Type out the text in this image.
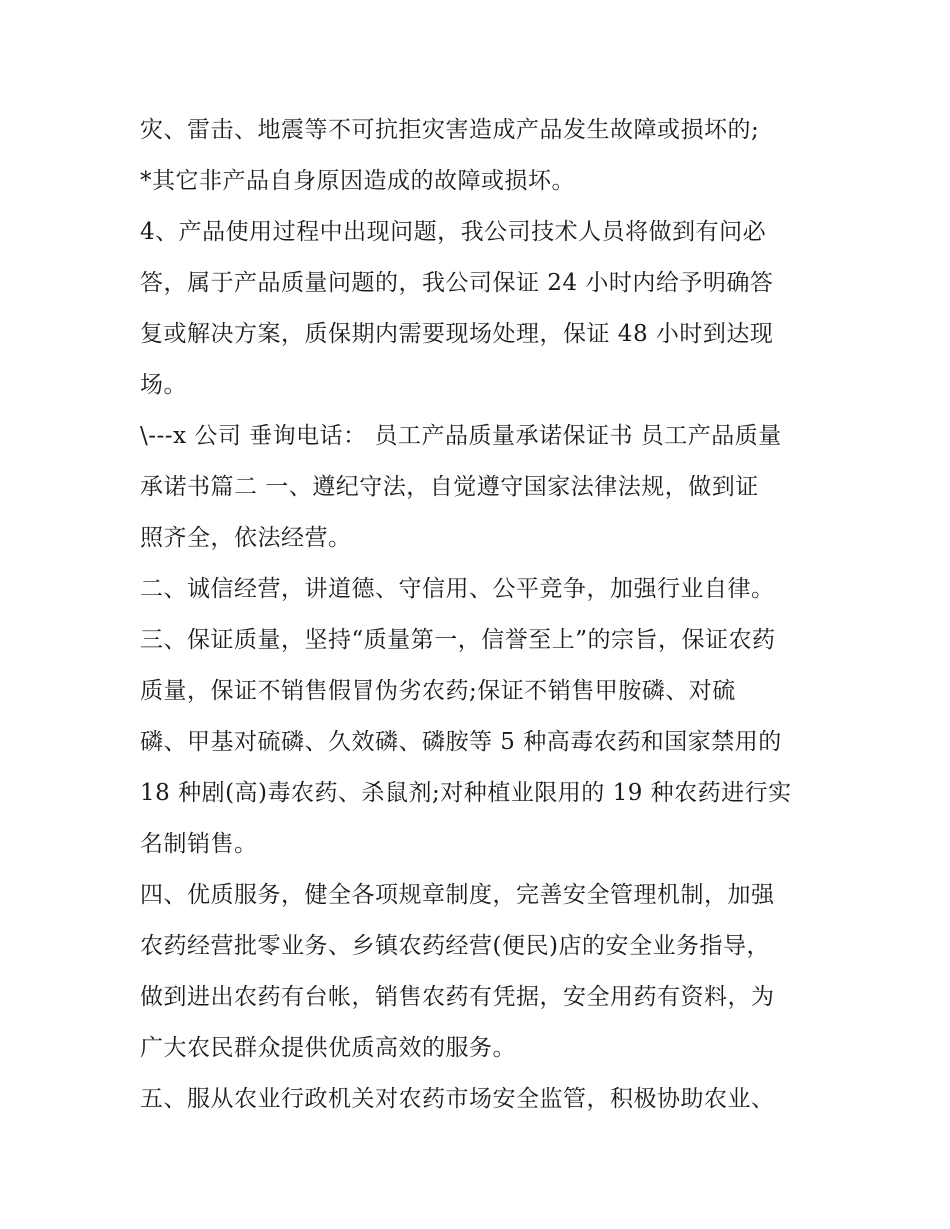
灾、雷击、地震等不可抗拒灾害造成产品发生故障或损坏的;
*其它非产品自身原因造成的故障或损坏。
4、产品使用过程中出现问题，我公司技术人员将做到有问必
答，属于产品质量问题的，我公司保证 24 小时内给予明确答
复或解决方案，质保期内需要现场处理，保证 48 小时到达现
场。
\---x 公司 垂询电话： 员工产品质量承诺保证书 员工产品质量
承诺书篇二 一、遵纪守法，自觉遵守国家法律法规，做到证
照齐全，依法经营。
二、诚信经营，讲道德、守信用、公平竞争，加强行业自律。
三、保证质量，坚持“质量第一，信誉至上”的宗旨，保证农药
质量，保证不销售假冒伪劣农药;保证不销售甲胺磷、对硫
磷、甲基对硫磷、久效磷、磷胺等 5 种高毒农药和国家禁用的
18 种剧(高)毒农药、杀鼠剂;对种植业限用的 19 种农药进行实
名制销售。
四、优质服务，健全各项规章制度，完善安全管理机制，加强
农药经营批零业务、乡镇农药经营(便民)店的安全业务指导，
做到进出农药有台帐，销售农药有凭据，安全用药有资料，为
广大农民群众提供优质高效的服务。
五、服从农业行政机关对农药市场安全监管，积极协助农业、
